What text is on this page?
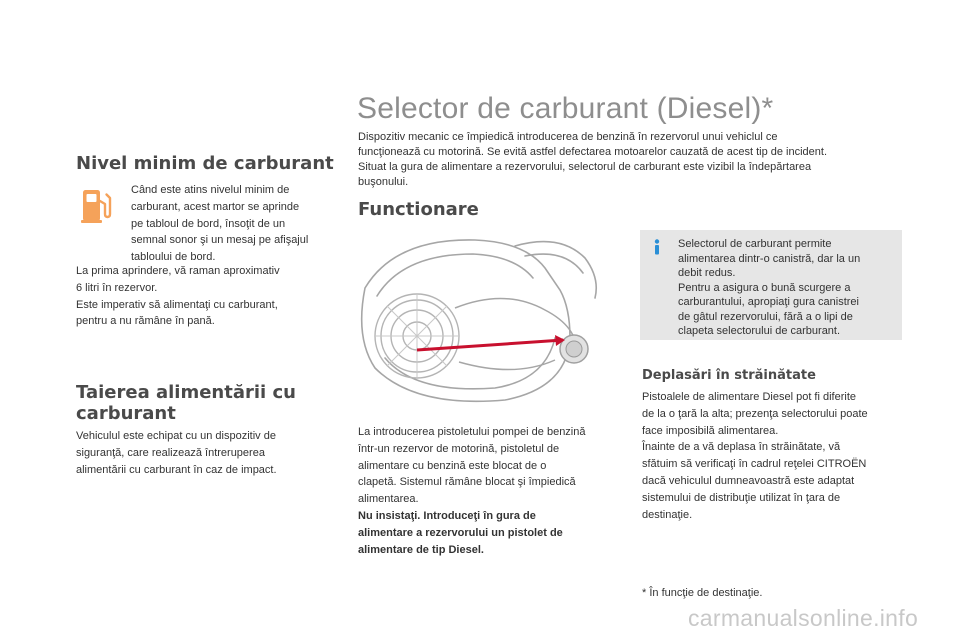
Nivel minim de carburant

Când este atins nivelul minim de

carburant, acest martor se aprinde

pe tabloul de bord, însoţit de un

semnal sonor şi un mesaj pe afişajul

tabloului de bord.

La prima aprindere, vă raman aproximativ

6 litri în rezervor.

Este imperativ să alimentaţi cu carburant,

pentru a nu rămâne în pană.

Taierea alimentării cu
carburant

Vehiculul este echipat cu un dispozitiv de

siguranţă, care realizează întreruperea

alimentării cu carburant în caz de impact.

Selector de carburant (Diesel)*

Dispozitiv mecanic ce împiedică introducerea de benzină în rezervorul unui vehiclul ce

funcţionează cu motorină. Se evită astfel defectarea motoarelor cauzată de acest tip de incident.

Situat la gura de alimentare a rezervorului, selectorul de carburant este vizibil la îndepărtarea

buşonului.

Functionare

La introducerea pistoletului pompei de benzină

într-un rezervor de motorină, pistoletul de

alimentare cu benzină este blocat de o

clapetă. Sistemul rămâne blocat şi împiedică

alimentarea.

Nu insistaţi. Introduceţi în gura de

alimentare a rezervorului un pistolet de

alimentare de tip Diesel.

Selectorul de carburant permite

alimentarea dintr-o canistră, dar la un

debit redus.

Pentru a asigura o bună scurgere a

carburantului, apropiaţi gura canistrei

de gâtul rezervorului, fără a o lipi de

clapeta selectorului de carburant.

Deplasări în străinătate

Pistoalele de alimentare Diesel pot fi diferite

de la o ţară la alta; prezenţa selectorului poate

face imposibilă alimentarea.

Înainte de a vă deplasa în străinătate, vă

sfătuim să verificaţi în cadrul reţelei CITROËN

dacă vehiculul dumneavoastră este adaptat

sistemului de distribuţie utilizat în ţara de

destinaţie.

* În funcţie de destinaţie.
carmanualsonline.info
